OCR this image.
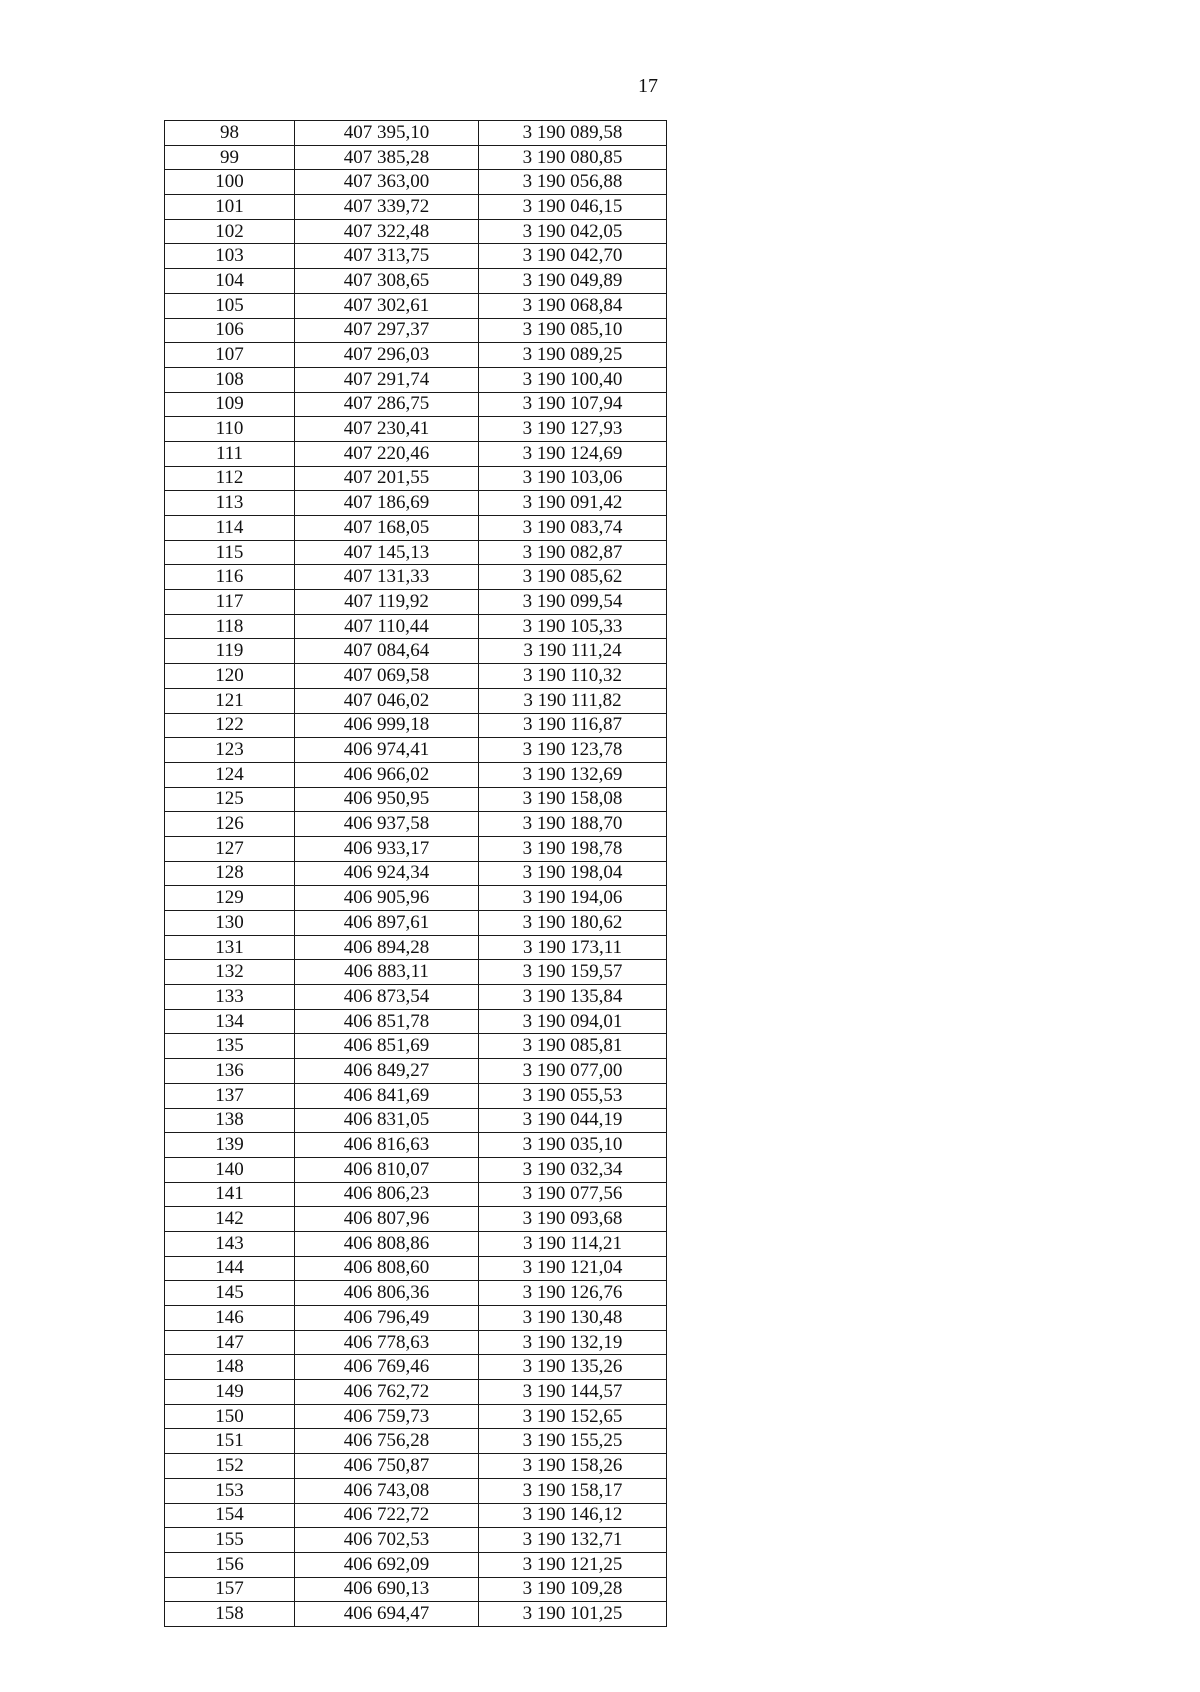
17
98	407 395,10	3 190 089,58
99	407 385,28	3 190 080,85
100	407 363,00	3 190 056,88
101	407 339,72	3 190 046,15
102	407 322,48	3 190 042,05
103	407 313,75	3 190 042,70
104	407 308,65	3 190 049,89
105	407 302,61	3 190 068,84
106	407 297,37	3 190 085,10
107	407 296,03	3 190 089,25
108	407 291,74	3 190 100,40
109	407 286,75	3 190 107,94
110	407 230,41	3 190 127,93
111	407 220,46	3 190 124,69
112	407 201,55	3 190 103,06
113	407 186,69	3 190 091,42
114	407 168,05	3 190 083,74
115	407 145,13	3 190 082,87
116	407 131,33	3 190 085,62
117	407 119,92	3 190 099,54
118	407 110,44	3 190 105,33
119	407 084,64	3 190 111,24
120	407 069,58	3 190 110,32
121	407 046,02	3 190 111,82
122	406 999,18	3 190 116,87
123	406 974,41	3 190 123,78
124	406 966,02	3 190 132,69
125	406 950,95	3 190 158,08
126	406 937,58	3 190 188,70
127	406 933,17	3 190 198,78
128	406 924,34	3 190 198,04
129	406 905,96	3 190 194,06
130	406 897,61	3 190 180,62
131	406 894,28	3 190 173,11
132	406 883,11	3 190 159,57
133	406 873,54	3 190 135,84
134	406 851,78	3 190 094,01
135	406 851,69	3 190 085,81
136	406 849,27	3 190 077,00
137	406 841,69	3 190 055,53
138	406 831,05	3 190 044,19
139	406 816,63	3 190 035,10
140	406 810,07	3 190 032,34
141	406 806,23	3 190 077,56
142	406 807,96	3 190 093,68
143	406 808,86	3 190 114,21
144	406 808,60	3 190 121,04
145	406 806,36	3 190 126,76
146	406 796,49	3 190 130,48
147	406 778,63	3 190 132,19
148	406 769,46	3 190 135,26
149	406 762,72	3 190 144,57
150	406 759,73	3 190 152,65
151	406 756,28	3 190 155,25
152	406 750,87	3 190 158,26
153	406 743,08	3 190 158,17
154	406 722,72	3 190 146,12
155	406 702,53	3 190 132,71
156	406 692,09	3 190 121,25
157	406 690,13	3 190 109,28
158	406 694,47	3 190 101,25
